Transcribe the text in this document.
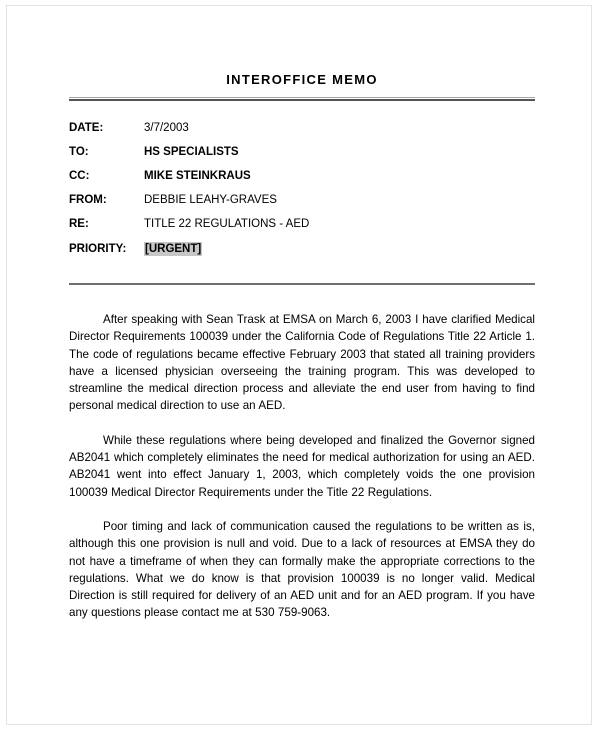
INTEROFFICE MEMO
DATE:	3/7/2003
TO:	HS SPECIALISTS
CC:	MIKE STEINKRAUS
FROM:	DEBBIE LEAHY-GRAVES
RE:	TITLE 22 REGULATIONS - AED
PRIORITY:	[URGENT]

After speaking with Sean Trask at EMSA on March 6, 2003 I have clarified Medical Director Requirements 100039 under the California Code of Regulations Title 22 Article 1. The code of regulations became effective February 2003 that stated all training providers have a licensed physician overseeing the training program. This was developed to streamline the medical direction process and alleviate the end user from having to find personal medical direction to use an AED.

While these regulations where being developed and finalized the Governor signed AB2041 which completely eliminates the need for medical authorization for using an AED. AB2041 went into effect January 1, 2003, which completely voids the one provision 100039 Medical Director Requirements under the Title 22 Regulations.

Poor timing and lack of communication caused the regulations to be written as is, although this one provision is null and void. Due to a lack of resources at EMSA they do not have a timeframe of when they can formally make the appropriate corrections to the regulations. What we do know is that provision 100039 is no longer valid. Medical Direction is still required for delivery of an AED unit and for an AED program. If you have any questions please contact me at 530 759-9063.
